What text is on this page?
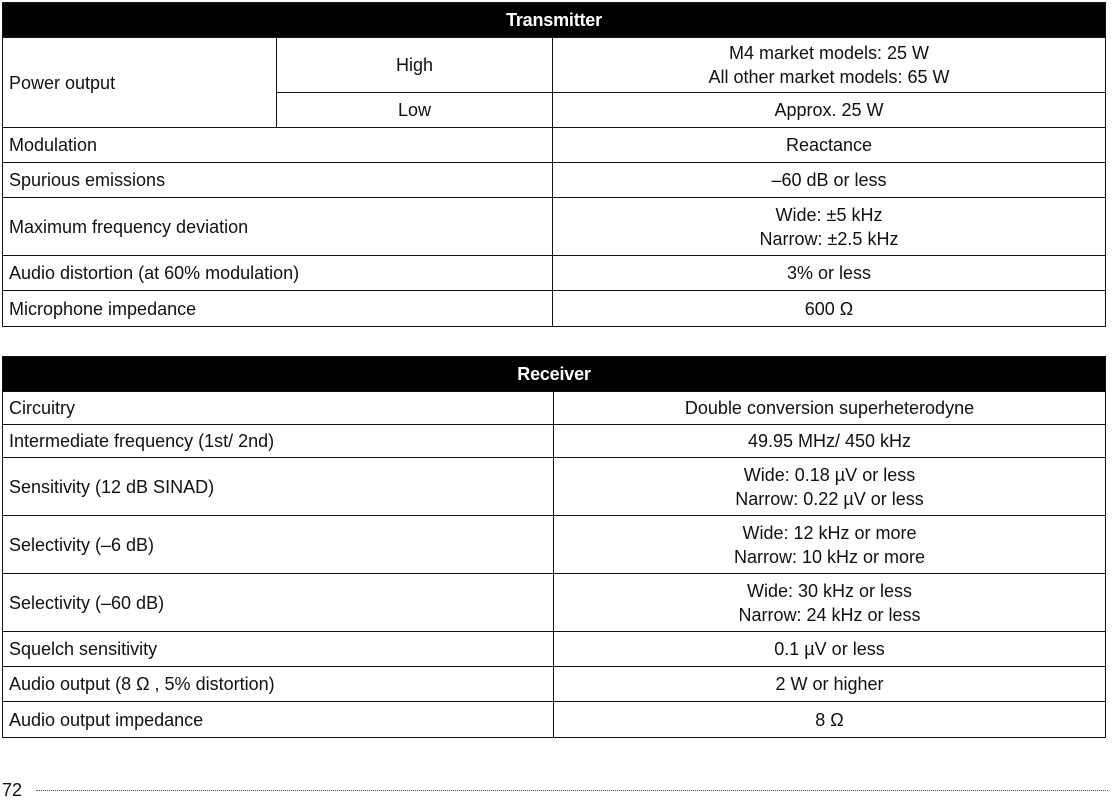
Transmitter		
Power output	High	M4 market models: 25 W
All other market models: 65 W

	Low	Approx. 25 W
Modulation		Reactance
Spurious emissions		–60 dB or less
Maximum frequency deviation		Wide: ±5 kHz
Narrow: ±2.5 kHz

Audio distortion (at 60% modulation)		3% or less
Microphone impedance		600 Ω
Receiver	
Circuitry	Double conversion superheterodyne
Intermediate frequency (1st/ 2nd)	49.95 MHz/ 450 kHz
Sensitivity (12 dB SINAD)	Wide: 0.18 µV or less
Narrow: 0.22 µV or less

Selectivity (–6 dB)	Wide: 12 kHz or more
Narrow: 10 kHz or more

Selectivity (–60 dB)	Wide: 30 kHz or less
Narrow: 24 kHz or less

Squelch sensitivity	0.1 µV or less
Audio output (8 Ω , 5% distortion)	2 W or higher
Audio output impedance	8 Ω
72
